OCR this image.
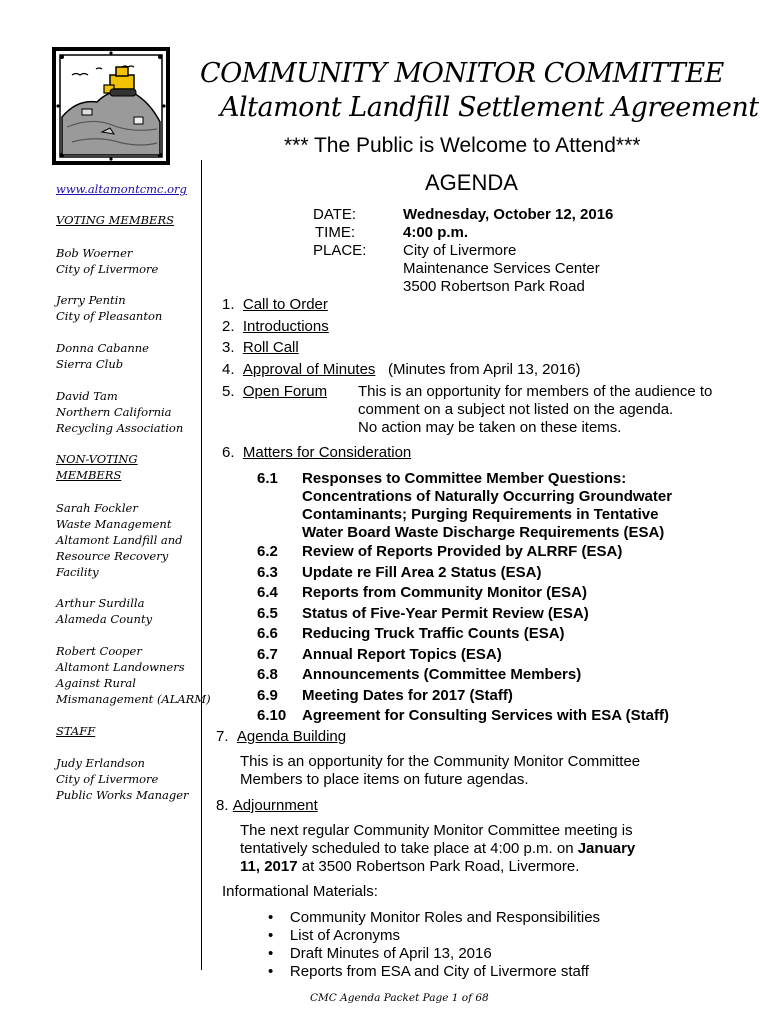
COMMUNITY MONITOR COMMITTEE
Altamont Landfill Settlement Agreement
*** The Public is Welcome to Attend***
AGENDA
www.altamontcmc.org
VOTING MEMBERS
Bob Woerner
City of Livermore
Jerry Pentin
City of Pleasanton
Donna Cabanne
Sierra Club
David Tam
Northern California
Recycling Association
NON-VOTING
MEMBERS
Sarah Fockler
Waste Management
Altamont Landfill and
Resource Recovery
Facility
Arthur Surdilla
Alameda County
Robert Cooper
Altamont Landowners
Against Rural
Mismanagement (ALARM)
STAFF
Judy Erlandson
City of Livermore
Public Works Manager
DATE:	Wednesday, October 12, 2016
TIME:	4:00 p.m.
PLACE: City of Livermore
Maintenance Services Center
3500 Robertson Park Road
1. Call to Order
2. Introductions
3. Roll Call
4. Approval of Minutes (Minutes from April 13, 2016)
5. Open Forum This is an opportunity for members of the audience to
comment on a subject not listed on the agenda.
No action may be taken on these items.
6. Matters for Consideration
6.1 Responses to Committee Member Questions:
Concentrations of Naturally Occurring Groundwater
Contaminants; Purging Requirements in Tentative
Water Board Waste Discharge Requirements (ESA)
6.2 Review of Reports Provided by ALRRF (ESA)
6.3 Update re Fill Area 2 Status (ESA)
6.4 Reports from Community Monitor (ESA)
6.5 Status of Five-Year Permit Review (ESA)
6.6 Reducing Truck Traffic Counts (ESA)
6.7 Annual Report Topics (ESA)
6.8 Announcements (Committee Members)
6.9 Meeting Dates for 2017 (Staff)
6.10 Agreement for Consulting Services with ESA (Staff)
7. Agenda Building
This is an opportunity for the Community Monitor Committee
Members to place items on future agendas.
8. Adjournment
The next regular Community Monitor Committee meeting is
tentatively scheduled to take place at 4:00 p.m. on January
11, 2017 at 3500 Robertson Park Road, Livermore.
Informational Materials:
•    Community Monitor Roles and Responsibilities
•    List of Acronyms
•    Draft Minutes of April 13, 2016
•    Reports from ESA and City of Livermore staff
CMC Agenda Packet Page 1 of 68
